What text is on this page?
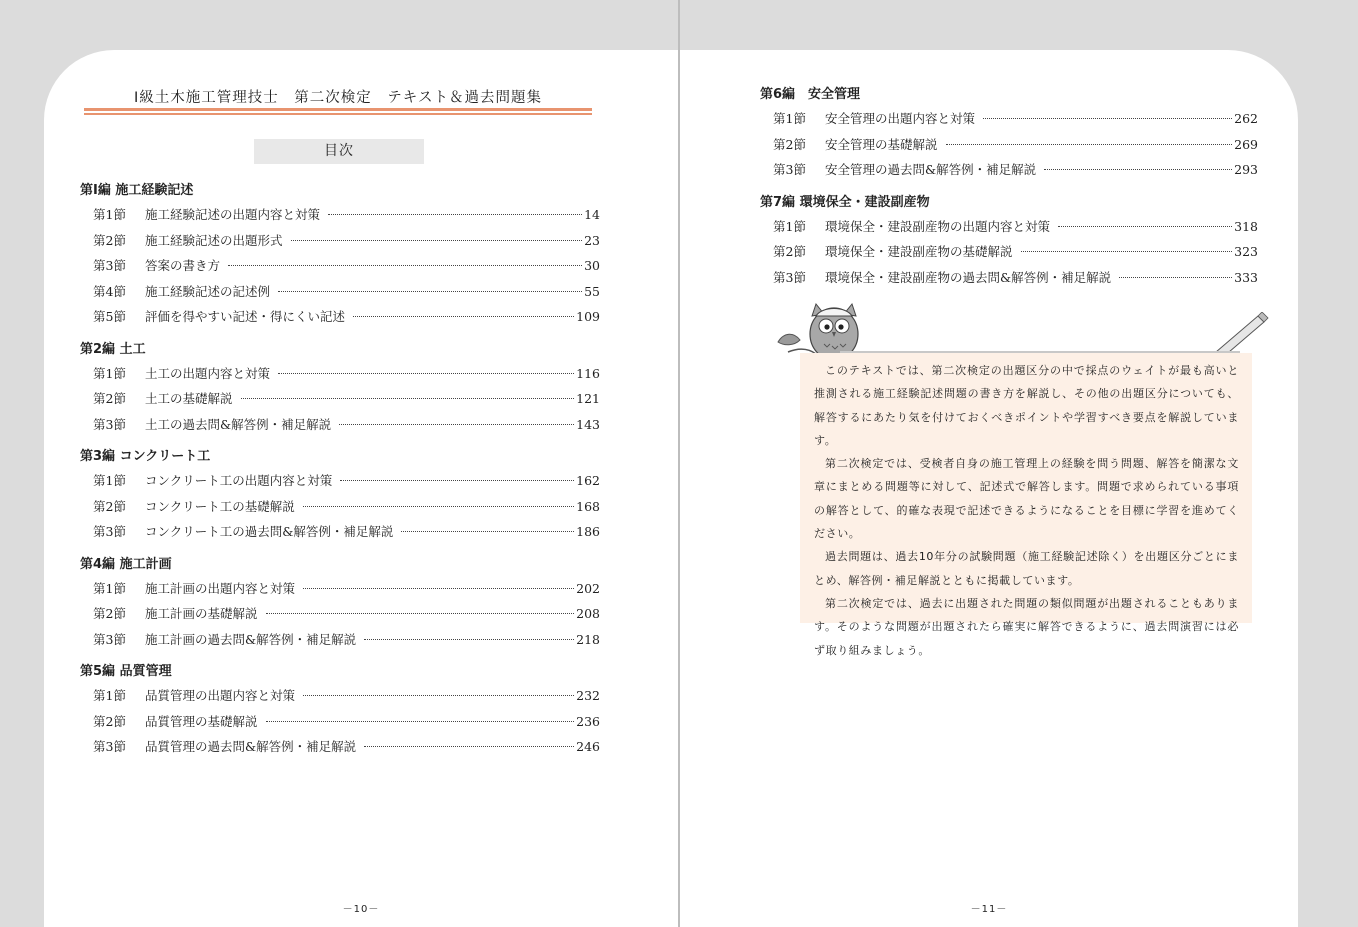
Ⅰ級土木施工管理技士　第二次検定　テキスト＆過去問題集
目次
第Ⅰ編 施工経験記述
第1節	施工経験記述の出題内容と対策	14
第2節	施工経験記述の出題形式	23
第3節	答案の書き方	30
第4節	施工経験記述の記述例	55
第5節	評価を得やすい記述・得にくい記述	109
第2編 土工
第1節	土工の出題内容と対策	116
第2節	土工の基礎解説	121
第3節	土工の過去問&解答例・補足解説	143
第3編 コンクリート工
第1節	コンクリート工の出題内容と対策	162
第2節	コンクリート工の基礎解説	168
第3節	コンクリート工の過去問&解答例・補足解説	186
第4編 施工計画
第1節	施工計画の出題内容と対策	202
第2節	施工計画の基礎解説	208
第3節	施工計画の過去問&解答例・補足解説	218
第5編 品質管理
第1節	品質管理の出題内容と対策	232
第2節	品質管理の基礎解説	236
第3節	品質管理の過去問&解答例・補足解説	246
－10－
第6編　安全管理
第1節	安全管理の出題内容と対策	262
第2節	安全管理の基礎解説	269
第3節	安全管理の過去問&解答例・補足解説	293
第7編 環境保全・建設副産物
第1節	環境保全・建設副産物の出題内容と対策	318
第2節	環境保全・建設副産物の基礎解説	323
第3節	環境保全・建設副産物の過去問&解答例・補足解説	333

このテキストでは、第二次検定の出題区分の中で採点のウェイトが最も高いと推測される施工経験記述問題の書き方を解説し、その他の出題区分についても、解答するにあたり気を付けておくべきポイントや学習すべき要点を解説しています。

第二次検定では、受検者自身の施工管理上の経験を問う問題、解答を簡潔な文章にまとめる問題等に対して、記述式で解答します。問題で求められている事項の解答として、的確な表現で記述できるようになることを目標に学習を進めてください。

過去問題は、過去10年分の試験問題（施工経験記述除く）を出題区分ごとにまとめ、解答例・補足解説とともに掲載しています。

第二次検定では、過去に出題された問題の類似問題が出題されることもあります。そのような問題が出題されたら確実に解答できるように、過去問演習には必ず取り組みましょう。

－11－
